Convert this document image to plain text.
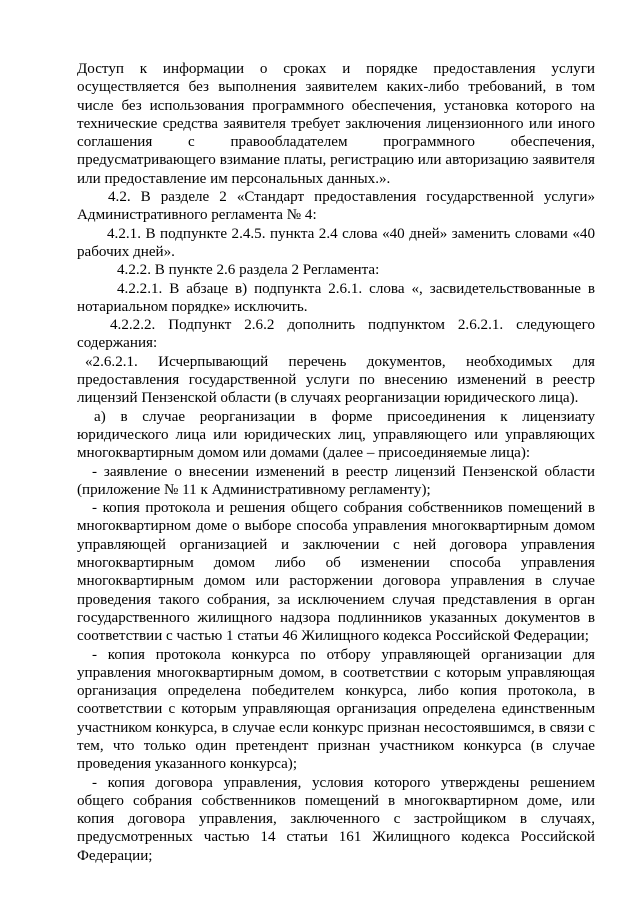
Доступ к информации о сроках и порядке предоставления услуги осуществляется без выполнения заявителем каких-либо требований, в том числе без использования программного обеспечения, установка которого на технические средства заявителя требует заключения лицензионного или иного соглашения с правообладателем программного обеспечения, предусматривающего взимание платы, регистрацию или авторизацию заявителя или предоставление им персональных данных.».

4.2. В разделе 2 «Стандарт предоставления государственной услуги» Административного регламента № 4:

4.2.1. В подпункте 2.4.5. пункта 2.4 слова «40 дней» заменить словами «40 рабочих дней».

4.2.2. В пункте 2.6 раздела 2 Регламента:

4.2.2.1. В абзаце в) подпункта 2.6.1. слова «, засвидетельствованные в нотариальном порядке» исключить.

4.2.2.2. Подпункт 2.6.2 дополнить подпунктом 2.6.2.1. следующего содержания:

«2.6.2.1. Исчерпывающий перечень документов, необходимых для предоставления государственной услуги по внесению изменений в реестр лицензий Пензенской области (в случаях реорганизации юридического лица).

а) в случае реорганизации в форме присоединения к лицензиату юридического лица или юридических лиц, управляющего или управляющих многоквартирным домом или домами (далее – присоединяемые лица):

- заявление о внесении изменений в реестр лицензий Пензенской области (приложение № 11 к Административному регламенту);

- копия протокола и решения общего собрания собственников помещений в многоквартирном доме о выборе способа управления многоквартирным домом управляющей организацией и заключении с ней договора управления многоквартирным домом либо об изменении способа управления многоквартирным домом или расторжении договора управления в случае проведения такого собрания, за исключением случая представления в орган государственного жилищного надзора подлинников указанных документов в соответствии с частью 1 статьи 46 Жилищного кодекса Российской Федерации;

- копия протокола конкурса по отбору управляющей организации для управления многоквартирным домом, в соответствии с которым управляющая организация определена победителем конкурса, либо копия протокола, в соответствии с которым управляющая организация определена единственным участником конкурса, в случае если конкурс признан несостоявшимся, в связи с тем, что только один претендент признан участником конкурса (в случае проведения указанного конкурса);

- копия договора управления, условия которого утверждены решением общего собрания собственников помещений в многоквартирном доме, или копия договора управления, заключенного с застройщиком в случаях, предусмотренных частью 14 статьи 161 Жилищного кодекса Российской Федерации;
